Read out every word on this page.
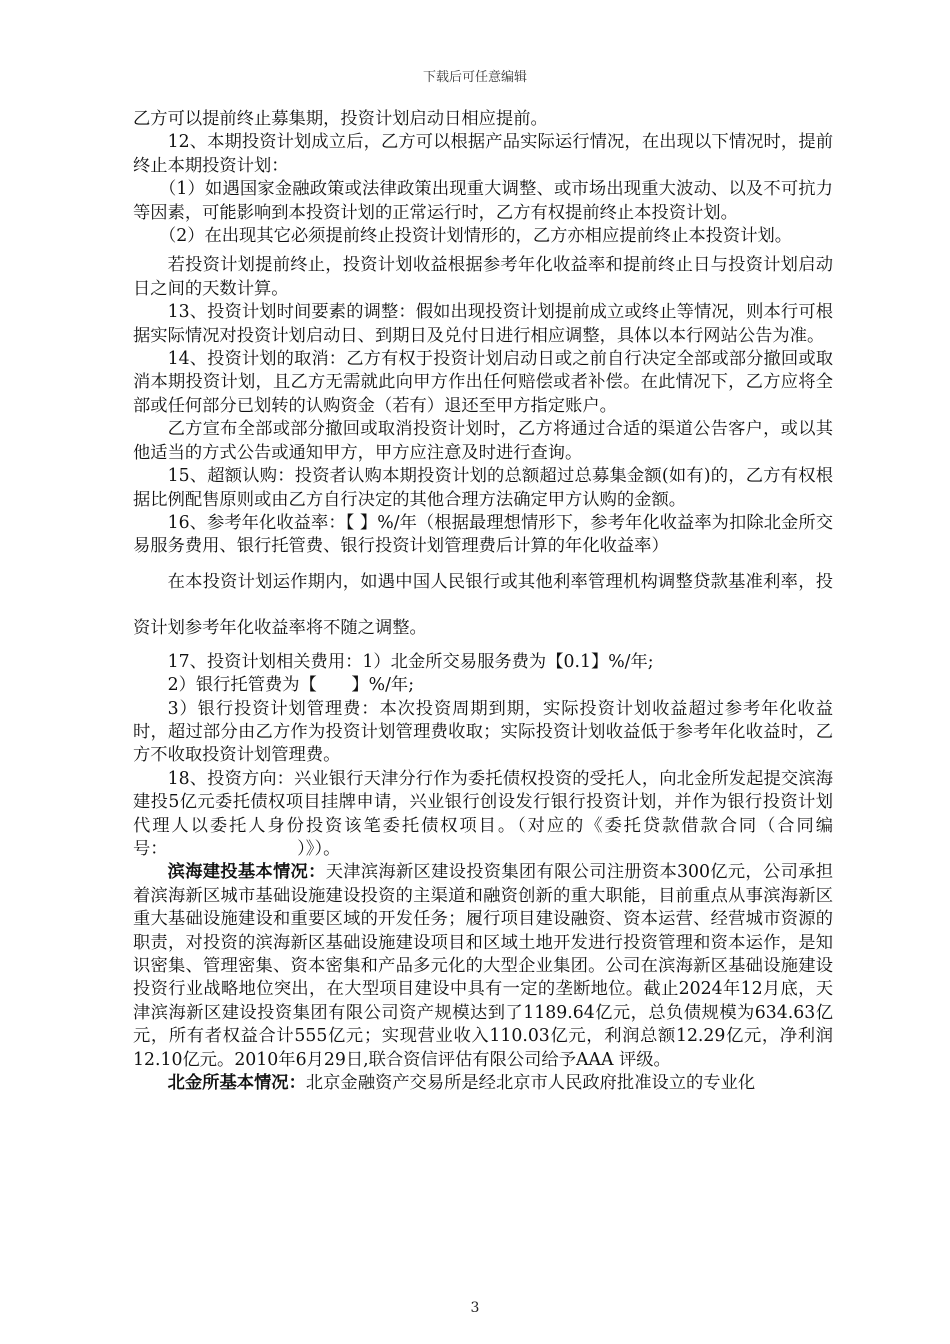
下载后可任意编辑

乙方可以提前终止募集期，投资计划启动日相应提前。

12、本期投资计划成立后，乙方可以根据产品实际运行情况，在出现以下情况时，提前终止本期投资计划：

（1）如遇国家金融政策或法律政策出现重大调整、或市场出现重大波动、以及不可抗力等因素，可能影响到本投资计划的正常运行时，乙方有权提前终止本投资计划。

（2）在出现其它必须提前终止投资计划情形的，乙方亦相应提前终止本投资计划。

若投资计划提前终止，投资计划收益根据参考年化收益率和提前终止日与投资计划启动日之间的天数计算。

13、投资计划时间要素的调整：假如出现投资计划提前成立或终止等情况，则本行可根据实际情况对投资计划启动日、到期日及兑付日进行相应调整，具体以本行网站公告为准。

14、投资计划的取消：乙方有权于投资计划启动日或之前自行决定全部或部分撤回或取消本期投资计划，且乙方无需就此向甲方作出任何赔偿或者补偿。在此情况下，乙方应将全部或任何部分已划转的认购资金（若有）退还至甲方指定账户。

乙方宣布全部或部分撤回或取消投资计划时，乙方将通过合适的渠道公告客户，或以其他适当的方式公告或通知甲方，甲方应注意及时进行查询。

15、超额认购：投资者认购本期投资计划的总额超过总募集金额(如有)的，乙方有权根据比例配售原则或由乙方自行决定的其他合理方法确定甲方认购的金额。

16、参考年化收益率：【 】%/年（根据最理想情形下，参考年化收益率为扣除北金所交易服务费用、银行托管费、银行投资计划管理费后计算的年化收益率）

在本投资计划运作期内，如遇中国人民银行或其他利率管理机构调整贷款基准利率，投资计划参考年化收益率将不随之调整。

17、投资计划相关费用：1）北金所交易服务费为【0.1】%/年;

2）银行托管费为【　　】%/年;

3）银行投资计划管理费：本次投资周期到期，实际投资计划收益超过参考年化收益时，超过部分由乙方作为投资计划管理费收取；实际投资计划收益低于参考年化收益时，乙方不收取投资计划管理费。

18、投资方向：兴业银行天津分行作为委托债权投资的受托人，向北金所发起提交滨海建投5亿元委托债权项目挂牌申请，兴业银行创设发行银行投资计划，并作为银行投资计划代理人以委托人身份投资该笔委托债权项目。（对应的《委托贷款借款合同（合同编号：　　　　　　　　）》）。

滨海建投基本情况：天津滨海新区建设投资集团有限公司注册资本300亿元，公司承担着滨海新区城市基础设施建设投资的主渠道和融资创新的重大职能，目前重点从事滨海新区重大基础设施建设和重要区域的开发任务；履行项目建设融资、资本运营、经营城市资源的职责，对投资的滨海新区基础设施建设项目和区域土地开发进行投资管理和资本运作，是知识密集、管理密集、资本密集和产品多元化的大型企业集团。公司在滨海新区基础设施建设投资行业战略地位突出，在大型项目建设中具有一定的垄断地位。截止2024年12月底，天津滨海新区建设投资集团有限公司资产规模达到了1189.64亿元，总负债规模为634.63亿元，所有者权益合计555亿元；实现营业收入110.03亿元，利润总额12.29亿元，净利润12.10亿元。2010年6月29日,联合资信评估有限公司给予AAA 评级。

北金所基本情况：北京金融资产交易所是经北京市人民政府批准设立的专业化

3
